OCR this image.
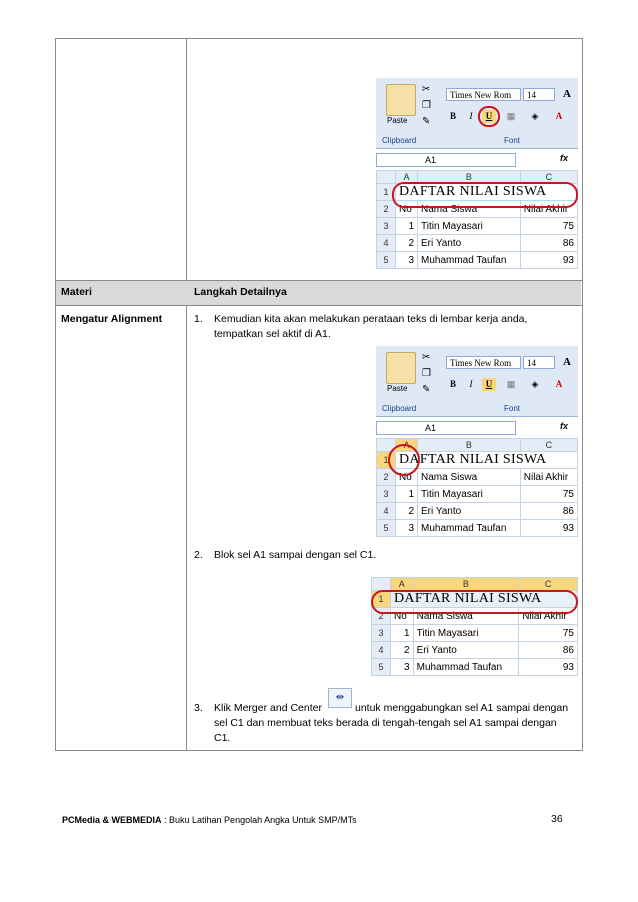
Materi	Langkah Detailnya
Mengatur Alignment
Paste
✂
❐
✎
Clipboard
Times New Rom	14	A
B	I	U	▦	◈	A
Font
A1	fx
	A	B	C
1	DAFTAR NILAI SISWA		
2	No	Nama Siswa	Nilai Akhir
3	1	Titin Mayasari	75
4	2	Eri Yanto	86
5	3	Muhammad Taufan	93
1. Kemudian kita akan melakukan perataan teks di lembar kerja anda,
tempatkan sel aktif di A1.
Paste
✂
❐
✎
Clipboard
Times New Rom	14	A
B	I	U	▦	◈	A
Font
A1	fx
	A	B	C
1	DAFTAR NILAI SISWA		
2	No	Nama Siswa	Nilai Akhir
3	1	Titin Mayasari	75
4	2	Eri Yanto	86
5	3	Muhammad Taufan	93
2. Blok sel A1 sampai dengan sel C1.
	A	B	C
1	DAFTAR NILAI SISWA		
2	No	Nama Siswa	Nilai Akhir
3	1	Titin Mayasari	75
4	2	Eri Yanto	86
5	3	Muhammad Taufan	93
3. Klik Merger and Center
⇹
untuk menggabungkan sel A1 sampai dengan
sel C1 dan membuat teks berada di tengah-tengah sel A1 sampai dengan
C1.
PCMedia & WEBMEDIA : Buku Latihan Pengolah Angka Untuk SMP/MTs	36
